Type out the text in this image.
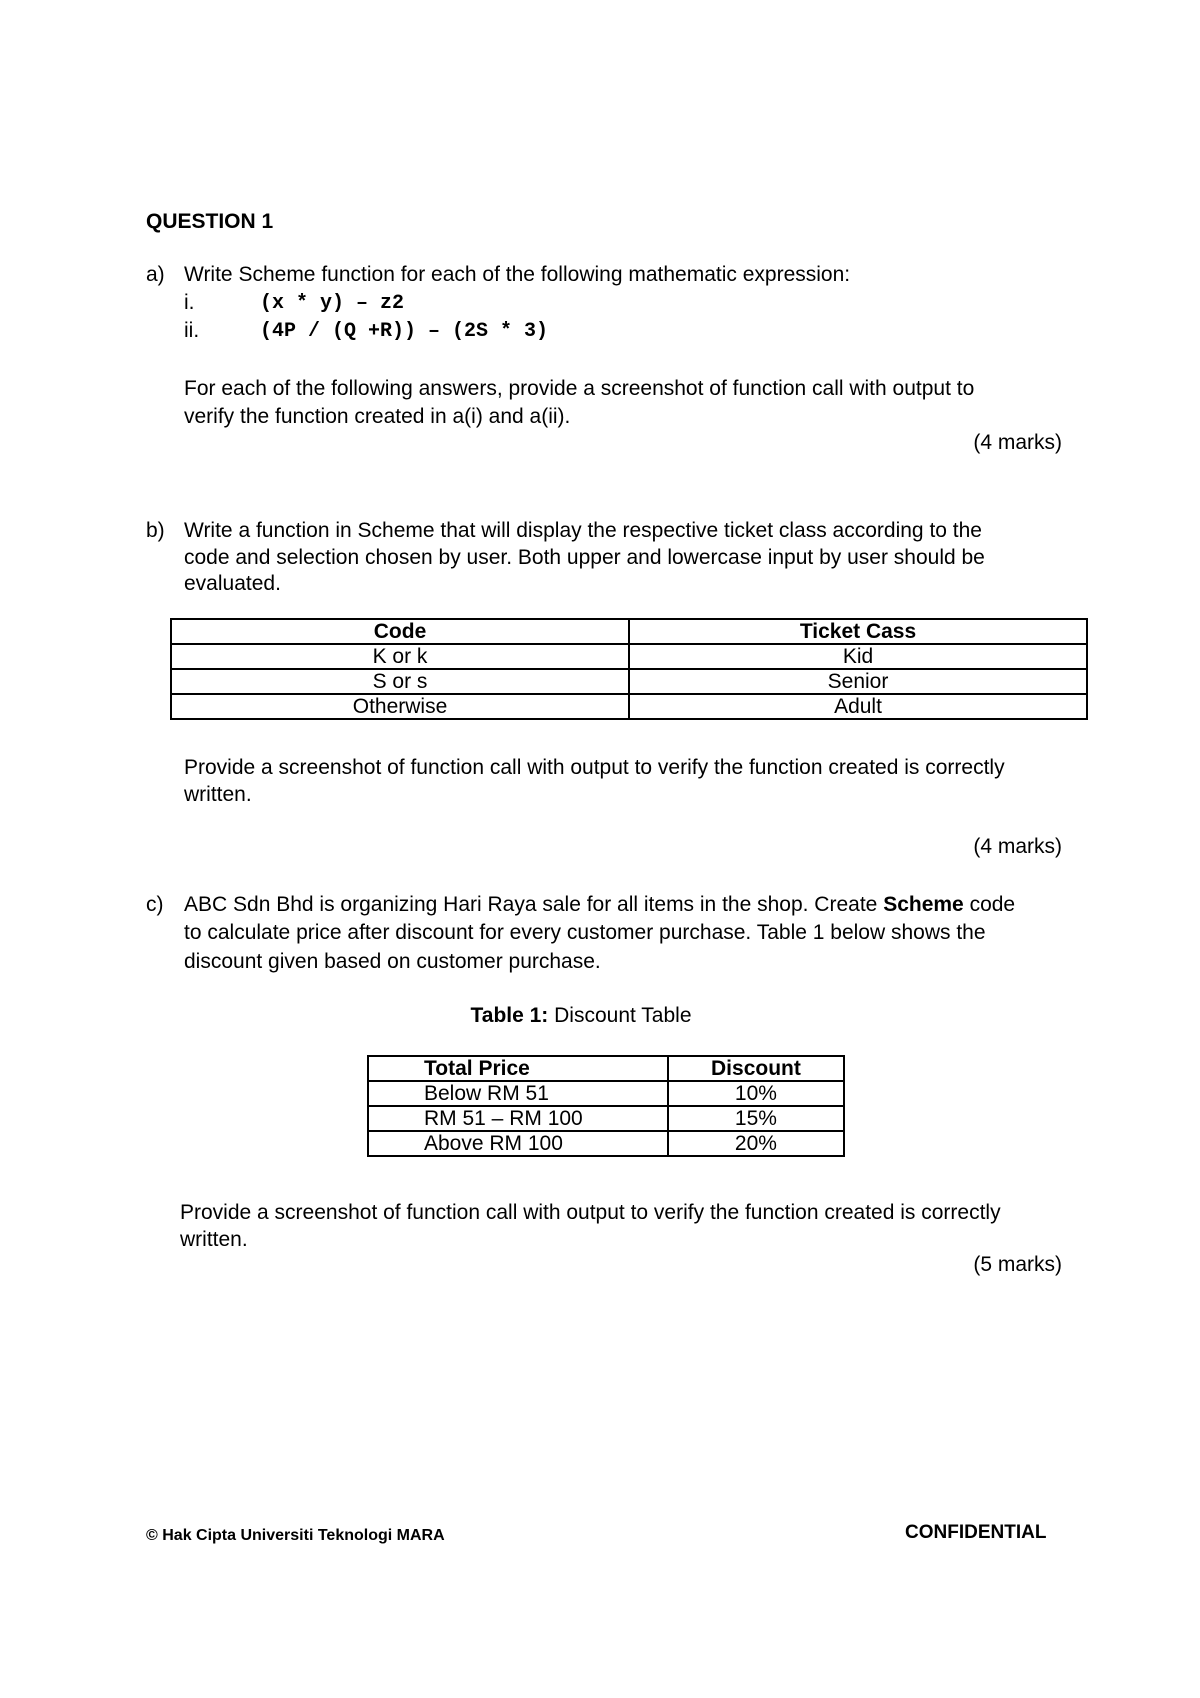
QUESTION 1
a) Write Scheme function for each of the following mathematic expression:
i.	(x * y) – z2
ii.	(4P / (Q +R)) – (2S * 3)
For each of the following answers, provide a screenshot of function call with output to
verify the function created in a(i) and a(ii).
(4 marks)
b) Write a function in Scheme that will display the respective ticket class according to the
code and selection chosen by user. Both upper and lowercase input by user should be
evaluated.
Code	Ticket Cass
K or k	Kid
S or s	Senior
Otherwise	Adult
Provide a screenshot of function call with output to verify the function created is correctly
written.
(4 marks)
c) ABC Sdn Bhd is organizing Hari Raya sale for all items in the shop. Create Scheme code
to calculate price after discount for every customer purchase. Table 1 below shows the
discount given based on customer purchase.
Table 1: Discount Table
Total Price	Discount
Below RM 51	10%
RM 51 – RM 100	15%
Above RM 100	20%
Provide a screenshot of function call with output to verify the function created is correctly
written.
(5 marks)
© Hak Cipta Universiti Teknologi MARA	CONFIDENTIAL
